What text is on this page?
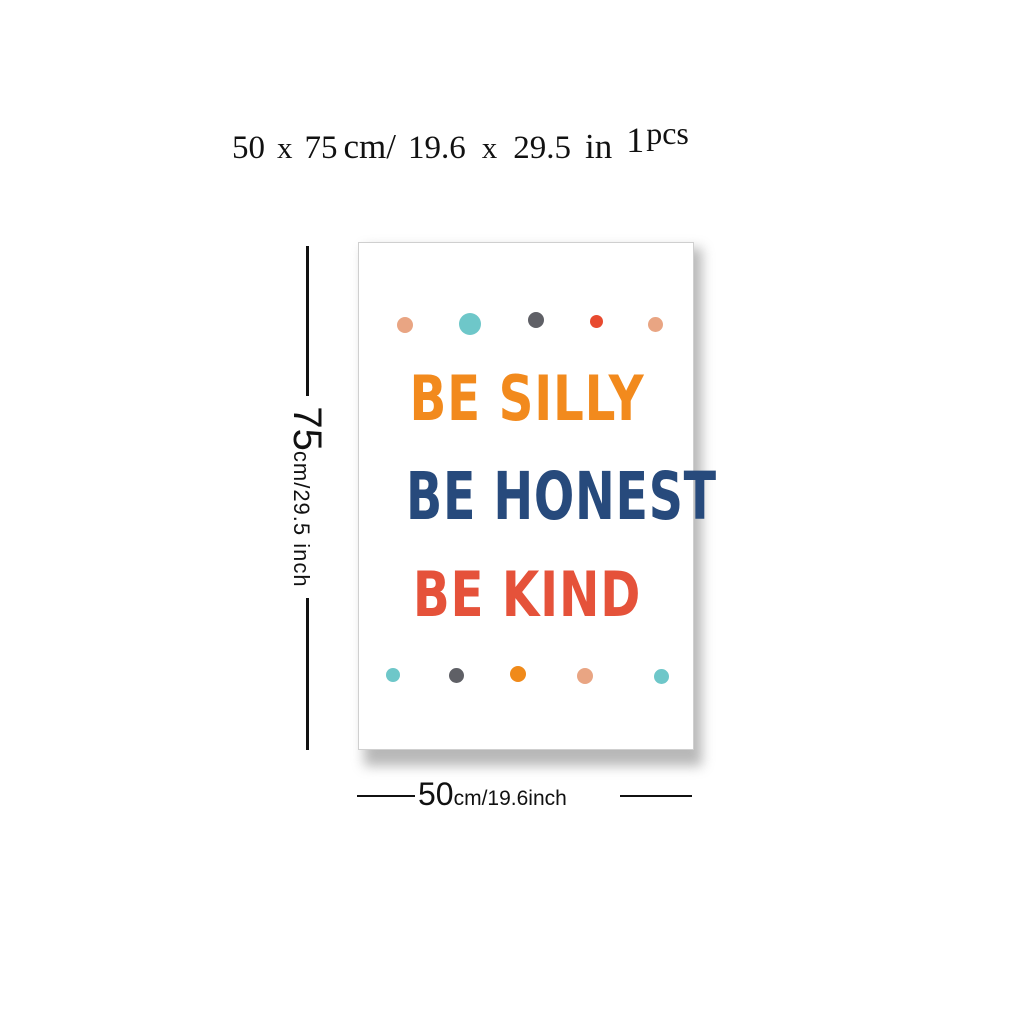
50 x 75 cm/ 19.6 x 29.5 in 1pcs
75cm/29.5 inch
BE SILLY
BE HONEST
BE KIND
50cm/19.6inch
